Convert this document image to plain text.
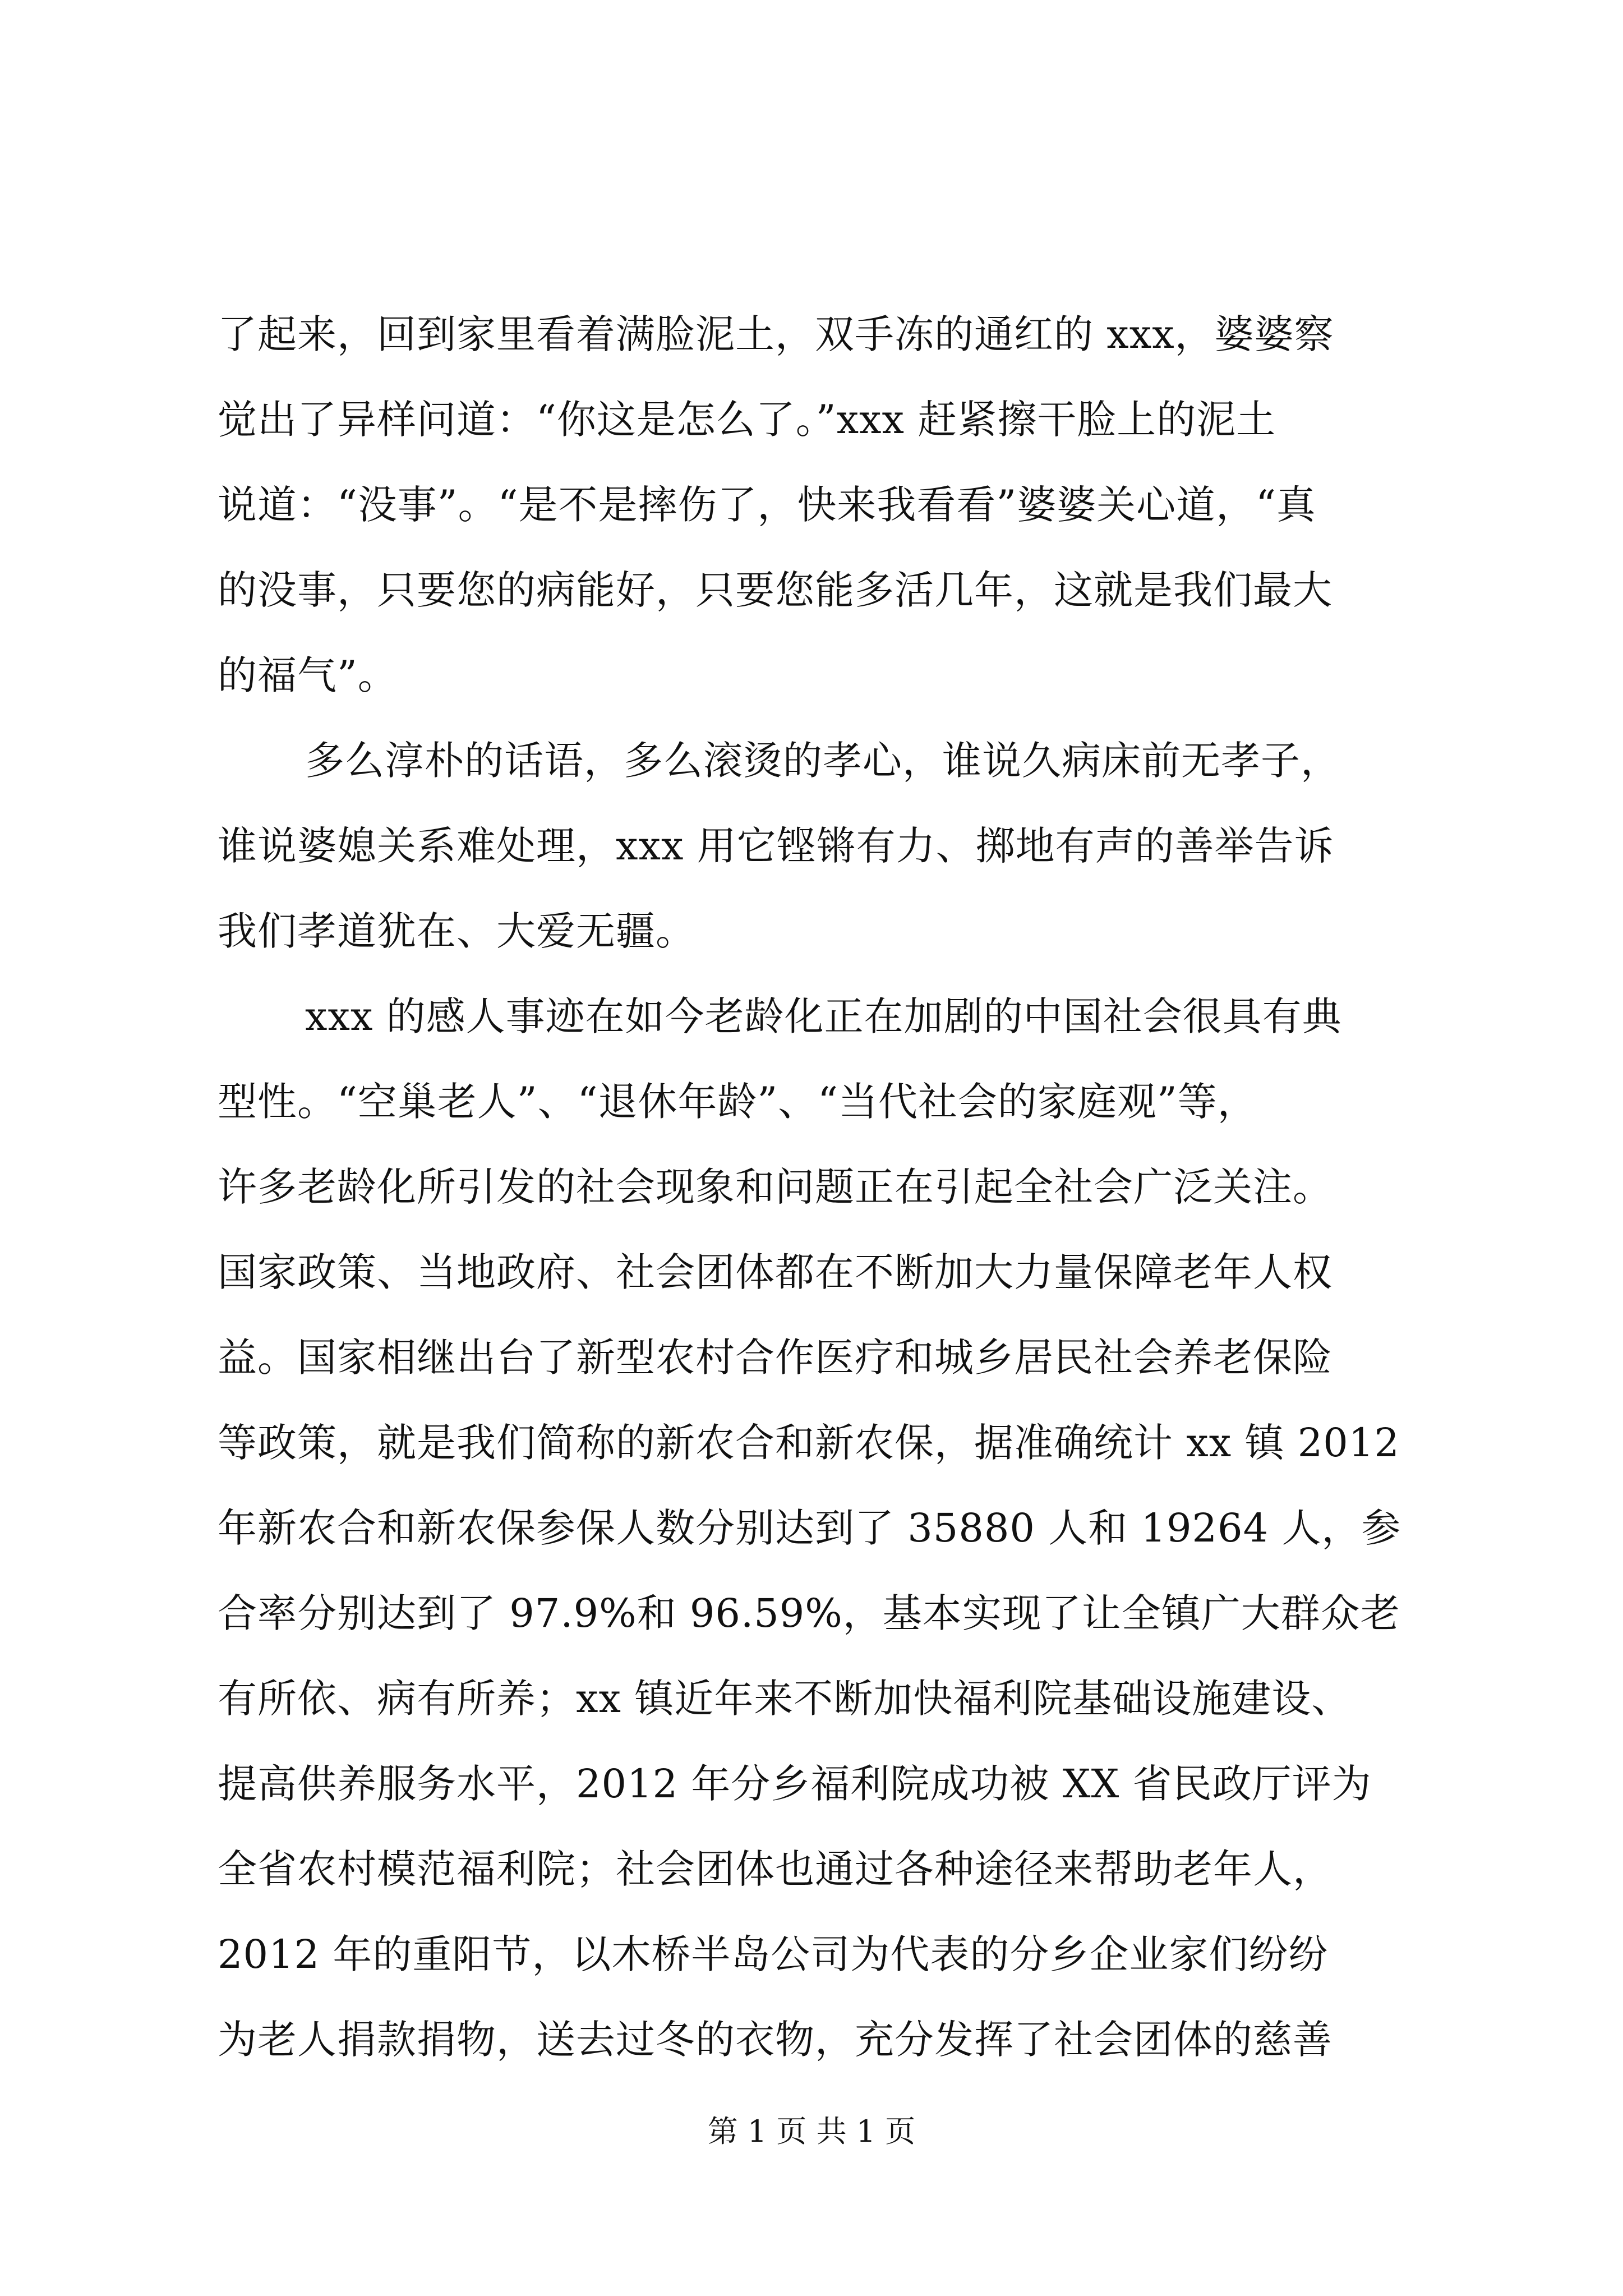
了起来，回到家里看着满脸泥土，双手冻的通红的 xxx，婆婆察
觉出了异样问道：“你这是怎么了。”xxx 赶紧擦干脸上的泥土
说道：“没事”。“是不是摔伤了，快来我看看”婆婆关心道，“真
的没事，只要您的病能好，只要您能多活几年，这就是我们最大
的福气”。
多么淳朴的话语，多么滚烫的孝心，谁说久病床前无孝子，
谁说婆媳关系难处理，xxx 用它铿锵有力、掷地有声的善举告诉
我们孝道犹在、大爱无疆。
xxx 的感人事迹在如今老龄化正在加剧的中国社会很具有典
型性。“空巢老人”、“退休年龄”、“当代社会的家庭观”等，
许多老龄化所引发的社会现象和问题正在引起全社会广泛关注。
国家政策、当地政府、社会团体都在不断加大力量保障老年人权
益。国家相继出台了新型农村合作医疗和城乡居民社会养老保险
等政策，就是我们简称的新农合和新农保，据准确统计 xx 镇 2012
年新农合和新农保参保人数分别达到了 35880 人和 19264 人，参
合率分别达到了 97.9%和 96.59%，基本实现了让全镇广大群众老
有所依、病有所养；xx 镇近年来不断加快福利院基础设施建设、
提高供养服务水平，2012 年分乡福利院成功被 XX 省民政厅评为
全省农村模范福利院；社会团体也通过各种途径来帮助老年人，
2012 年的重阳节，以木桥半岛公司为代表的分乡企业家们纷纷
为老人捐款捐物，送去过冬的衣物，充分发挥了社会团体的慈善
第 1 页 共 1 页
